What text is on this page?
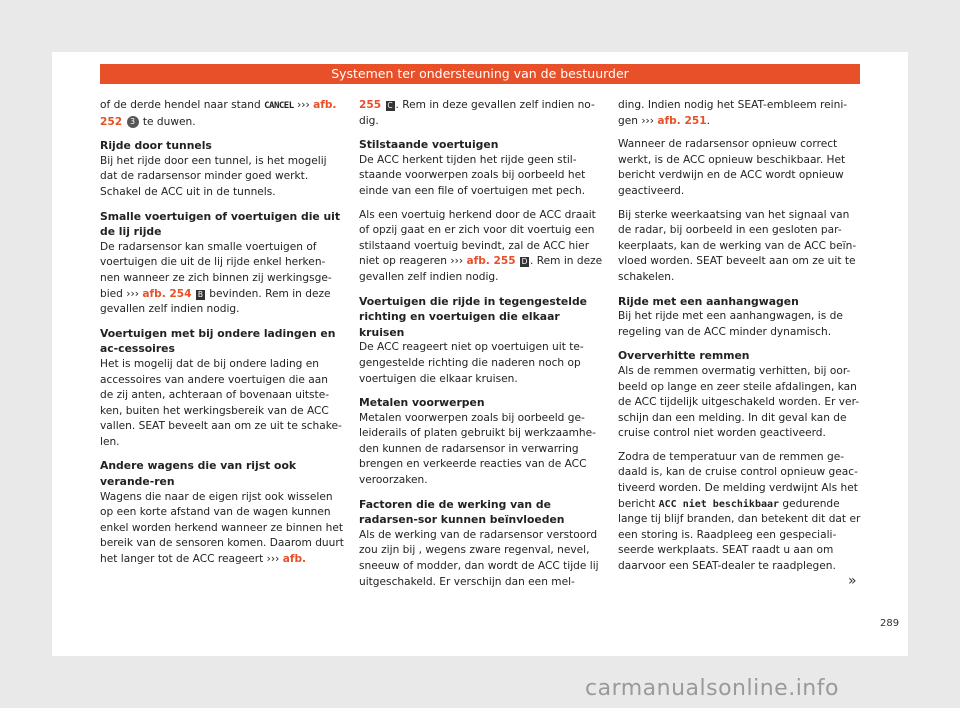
Systemen ter ondersteuning van de bestuurder

of de derde hendel naar stand CANCEL ››› afb. 252 3 te duwen.

Rijde door tunnels

Bij het rijde door een tunnel, is het mogelij dat de radarsensor minder goed werkt. Schakel de ACC uit in de tunnels.

Smalle voertuigen of voertuigen die uit de lij rijde

De radarsensor kan smalle voertuigen of voertuigen die uit de lij rijde enkel herken-nen wanneer ze zich binnen zij werkingsge-bied ››› afb. 254 B bevinden. Rem in deze gevallen zelf indien nodig.

Voertuigen met bij ondere ladingen en ac-cessoires

Het is mogelij dat de bij ondere lading en accessoires van andere voertuigen die aan de zij anten, achteraan of bovenaan uitste-ken, buiten het werkingsbereik van de ACC vallen. SEAT beveelt aan om ze uit te schake-len.

Andere wagens die van rijst ook verande-ren

Wagens die naar de eigen rijst ook wisselen op een korte afstand van de wagen kunnen enkel worden herkend wanneer ze binnen het bereik van de sensoren komen. Daarom duurt het langer tot de ACC reageert ››› afb.

255 C . Rem in deze gevallen zelf indien no-dig.

Stilstaande voertuigen

De ACC herkent tijden het rijde geen stil-staande voorwerpen zoals bij oorbeeld het einde van een file of voertuigen met pech.

Als een voertuig herkend door de ACC draait of opzij gaat en er zich voor dit voertuig een stilstaand voertuig bevindt, zal de ACC hier niet op reageren ››› afb. 255 D . Rem in deze gevallen zelf indien nodig.

Voertuigen die rijde in tegengestelde richting en voertuigen die elkaar kruisen

De ACC reageert niet op voertuigen uit te-gengestelde richting die naderen noch op voertuigen die elkaar kruisen.

Metalen voorwerpen

Metalen voorwerpen zoals bij oorbeeld ge-leiderails of platen gebruikt bij werkzaamhe-den kunnen de radarsensor in verwarring brengen en verkeerde reacties van de ACC veroorzaken.

Factoren die de werking van de radarsen-sor kunnen beïnvloeden

Als de werking van de radarsensor verstoord zou zijn bij , wegens zware regenval, nevel, sneeuw of modder, dan wordt de ACC tijde lij uitgeschakeld. Er verschijn dan een mel-

ding. Indien nodig het SEAT-embleem reini-gen ››› afb. 251.

Wanneer de radarsensor opnieuw correct werkt, is de ACC opnieuw beschikbaar. Het bericht verdwijn en de ACC wordt opnieuw geactiveerd.

Bij sterke weerkaatsing van het signaal van de radar, bij oorbeeld in een gesloten par-keerplaats, kan de werking van de ACC beïn-vloed worden. SEAT beveelt aan om ze uit te schakelen.

Rijde met een aanhangwagen

Bij het rijde met een aanhangwagen, is de regeling van de ACC minder dynamisch.

Oververhitte remmen

Als de remmen overmatig verhitten, bij oor-beeld op lange en zeer steile afdalingen, kan de ACC tijdelijk uitgeschakeld worden. Er ver-schijn dan een melding. In dit geval kan de cruise control niet worden geactiveerd.

Zodra de temperatuur van de remmen ge-daald is, kan de cruise control opnieuw geac-tiveerd worden. De melding verdwijnt Als het bericht ACC niet beschikbaar gedurende lange tij blijf branden, dan betekent dit dat er een storing is. Raadpleeg een gespeciali-seerde werkplaats. SEAT raadt u aan om daarvoor een SEAT-dealer te raadplegen.

»
289
carmanualsonline.info
